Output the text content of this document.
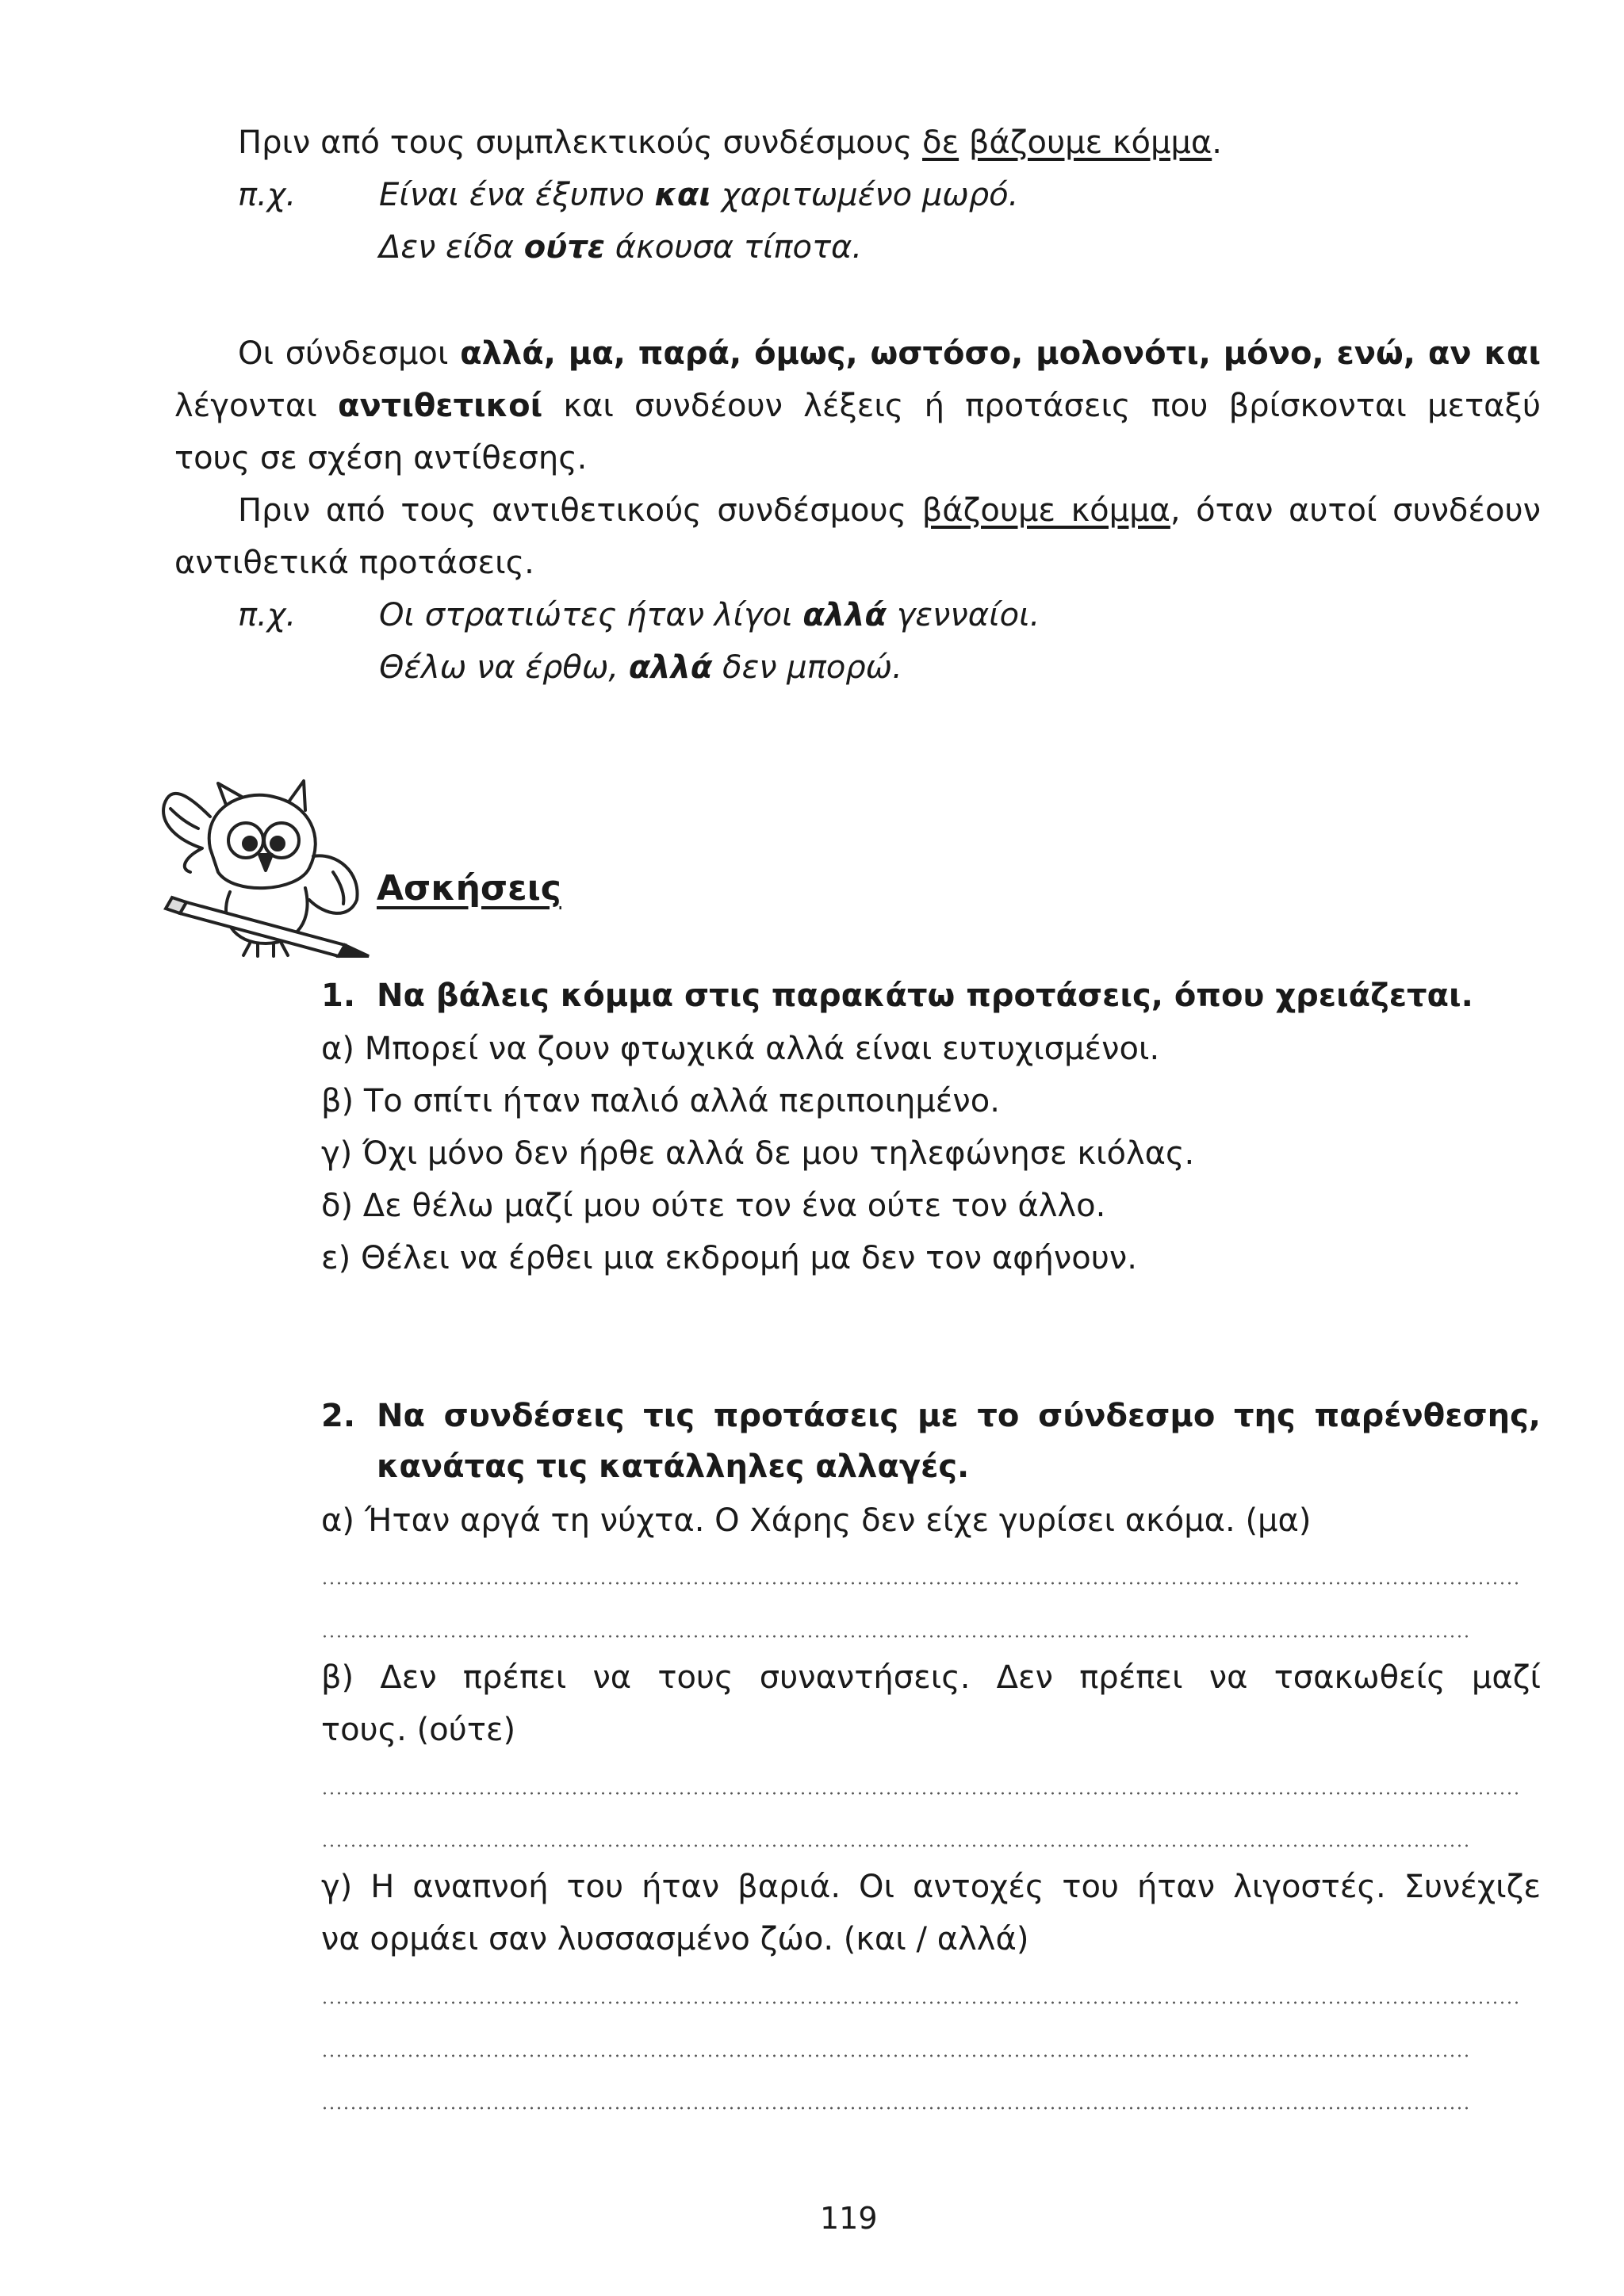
Πριν από τους συμπλεκτικούς συνδέσμους δε βάζουμε κόμμα.
π.χ.	Είναι ένα έξυπνο και χαριτωμένο μωρό.
Δεν είδα ούτε άκουσα τίποτα.
Οι σύνδεσμοι αλλά, μα, παρά, όμως, ωστόσο, μολονότι, μόνο, ενώ, αν και
λέγονται αντιθετικοί και συνδέουν λέξεις ή προτάσεις που βρίσκονται μεταξύ
τους σε σχέση αντίθεσης.
Πριν από τους αντιθετικούς συνδέσμους βάζουμε κόμμα, όταν αυτοί συνδέουν
αντιθετικά προτάσεις.
π.χ.	Οι στρατιώτες ήταν λίγοι αλλά γενναίοι.
Θέλω να έρθω, αλλά δεν μπορώ.
Ασκήσεις
1. Να βάλεις κόμμα στις παρακάτω προτάσεις, όπου χρειάζεται.
α) Μπορεί να ζουν φτωχικά αλλά είναι ευτυχισμένοι.
β) Το σπίτι ήταν παλιό αλλά περιποιημένο.
γ) Όχι μόνο δεν ήρθε αλλά δε μου τηλεφώνησε κιόλας.
δ) Δε θέλω μαζί μου ούτε τον ένα ούτε τον άλλο.
ε) Θέλει να έρθει μια εκδρομή μα δεν τον αφήνουν.
2. Να συνδέσεις τις προτάσεις με το σύνδεσμο της παρένθεσης,
κανάτας τις κατάλληλες αλλαγές.
α) Ήταν αργά τη νύχτα. Ο Χάρης δεν είχε γυρίσει ακόμα. (μα)
β) Δεν πρέπει να τους συναντήσεις. Δεν πρέπει να τσακωθείς μαζί
τους. (ούτε)
γ) Η αναπνοή του ήταν βαριά. Οι αντοχές του ήταν λιγοστές. Συνέχιζε
να ορμάει σαν λυσσασμένο ζώο. (και / αλλά)
119
